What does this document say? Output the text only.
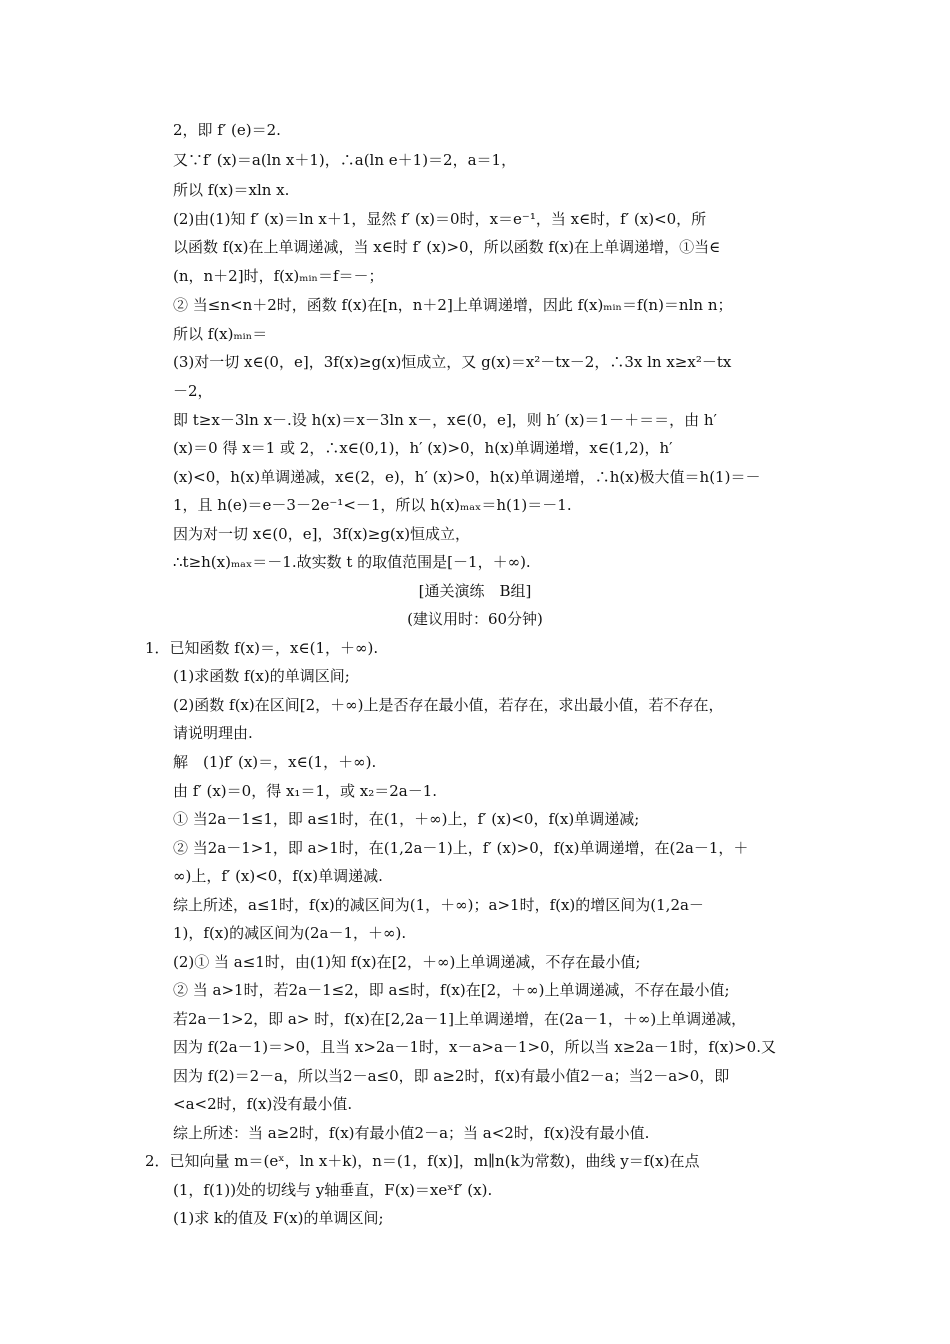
2，即 f′ (e)＝2.
又∵f′ (x)＝a(ln x＋1)，∴a(ln e＋1)＝2，a＝1，
所以 f(x)＝xln x.
(2)由(1)知 f′ (x)＝ln x＋1，显然 f′ (x)＝0时，x＝e⁻¹，当 x∈时，f′ (x)<0，所
以函数 f(x)在上单调递减，当 x∈时 f′ (x)>0，所以函数 f(x)在上单调递增，①当∈
(n，n＋2]时，f(x)ₘᵢₙ＝f＝－；
② 当≤n<n＋2时，函数 f(x)在[n，n＋2]上单调递增，因此 f(x)ₘᵢₙ＝f(n)＝nln n；
所以 f(x)ₘᵢₙ＝
(3)对一切 x∈(0，e]，3f(x)≥g(x)恒成立，又 g(x)＝x²－tx－2，∴3x ln x≥x²－tx
－2，
即 t≥x－3ln x－.设 h(x)＝x－3ln x－，x∈(0，e]，则 h′ (x)＝1－＋＝＝，由 h′
(x)＝0 得 x＝1 或 2，∴x∈(0,1)，h′ (x)>0，h(x)单调递增，x∈(1,2)，h′
(x)<0，h(x)单调递减，x∈(2，e)，h′ (x)>0，h(x)单调递增，∴h(x)极大值＝h(1)＝－
1，且 h(e)＝e－3－2e⁻¹<－1，所以 h(x)ₘₐₓ＝h(1)＝－1.
因为对一切 x∈(0，e]，3f(x)≥g(x)恒成立，
∴t≥h(x)ₘₐₓ＝－1.故实数 t 的取值范围是[－1，＋∞).
[通关演练　B组]
(建议用时：60分钟)
1．已知函数 f(x)＝，x∈(1，＋∞).
(1)求函数 f(x)的单调区间;
(2)函数 f(x)在区间[2，＋∞)上是否存在最小值，若存在，求出最小值，若不存在，
请说明理由.
解　(1)f′ (x)＝，x∈(1，＋∞).
由 f′ (x)＝0，得 x₁＝1，或 x₂＝2a－1.
① 当2a－1≤1，即 a≤1时，在(1，＋∞)上，f′ (x)<0，f(x)单调递减;
② 当2a－1>1，即 a>1时，在(1,2a－1)上，f′ (x)>0，f(x)单调递增，在(2a－1，＋
∞)上，f′ (x)<0，f(x)单调递减.
综上所述，a≤1时，f(x)的减区间为(1，＋∞)；a>1时，f(x)的增区间为(1,2a－
1)，f(x)的减区间为(2a－1，＋∞).
(2)① 当 a≤1时，由(1)知 f(x)在[2，＋∞)上单调递减，不存在最小值;
② 当 a>1时，若2a－1≤2，即 a≤时，f(x)在[2，＋∞)上单调递减，不存在最小值;
若2a－1>2，即 a> 时，f(x)在[2,2a－1]上单调递增，在(2a－1，＋∞)上单调递减，
因为 f(2a－1)＝>0，且当 x>2a－1时，x－a>a－1>0，所以当 x≥2a－1时，f(x)>0.又
因为 f(2)＝2－a，所以当2－a≤0，即 a≥2时，f(x)有最小值2－a；当2－a>0，即
<a<2时，f(x)没有最小值.
综上所述：当 a≥2时，f(x)有最小值2－a；当 a<2时，f(x)没有最小值.
2．已知向量 m＝(eˣ，ln x＋k)，n＝(1，f(x)]，m∥n(k为常数)，曲线 y＝f(x)在点
(1，f(1))处的切线与 y轴垂直，F(x)＝xeˣf′ (x).
(1)求 k的值及 F(x)的单调区间;
